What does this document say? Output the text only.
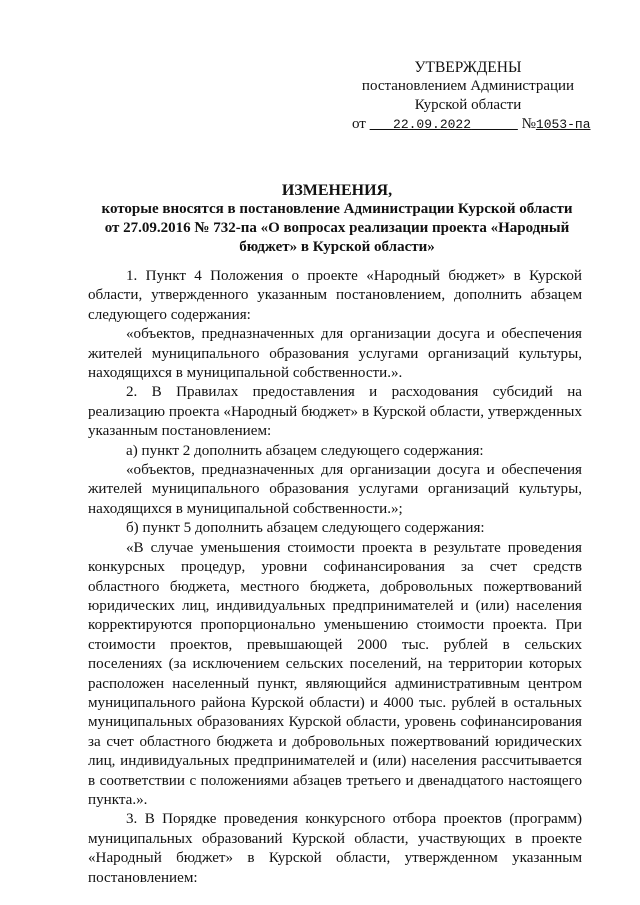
УТВЕРЖДЕНЫ
постановлением Администрации
Курской области
от 22.09.2022	№1053-па
ИЗМЕНЕНИЯ,
которые вносятся в постановление Администрации Курской области
от 27.09.2016 № 732-па «О вопросах реализации проекта «Народный
бюджет» в Курской области»

1. Пункт 4 Положения о проекте «Народный бюджет» в Курской области, утвержденного указанным постановлением, дополнить абзацем следующего содержания:

«объектов, предназначенных для организации досуга и обеспечения жителей муниципального образования услугами организаций культуры, находящихся в муниципальной собственности.».

2. В Правилах предоставления и расходования субсидий на реализацию проекта «Народный бюджет» в Курской области, утвержденных указанным постановлением:

а) пункт 2 дополнить абзацем следующего содержания:

«объектов, предназначенных для организации досуга и обеспечения жителей муниципального образования услугами организаций культуры, находящихся в муниципальной собственности.»;

б) пункт 5 дополнить абзацем следующего содержания:

«В случае уменьшения стоимости проекта в результате проведения конкурсных процедур, уровни софинансирования за счет средств областного бюджета, местного бюджета, добровольных пожертвований юридических лиц, индивидуальных предпринимателей и (или) населения корректируются пропорционально уменьшению стоимости проекта. При стоимости проектов, превышающей 2000 тыс. рублей в сельских поселениях (за исключением сельских поселений, на территории которых расположен населенный пункт, являющийся административным центром муниципального района Курской области) и 4000 тыс. рублей в остальных муниципальных образованиях Курской области, уровень софинансирования за счет областного бюджета и добровольных пожертвований юридических лиц, индивидуальных предпринимателей и (или) населения рассчитывается в соответствии с положениями абзацев третьего и двенадцатого настоящего пункта.».

3. В Порядке проведения конкурсного отбора проектов (программ) муниципальных образований Курской области, участвующих в проекте «Народный бюджет» в Курской области, утвержденном указанным постановлением:
